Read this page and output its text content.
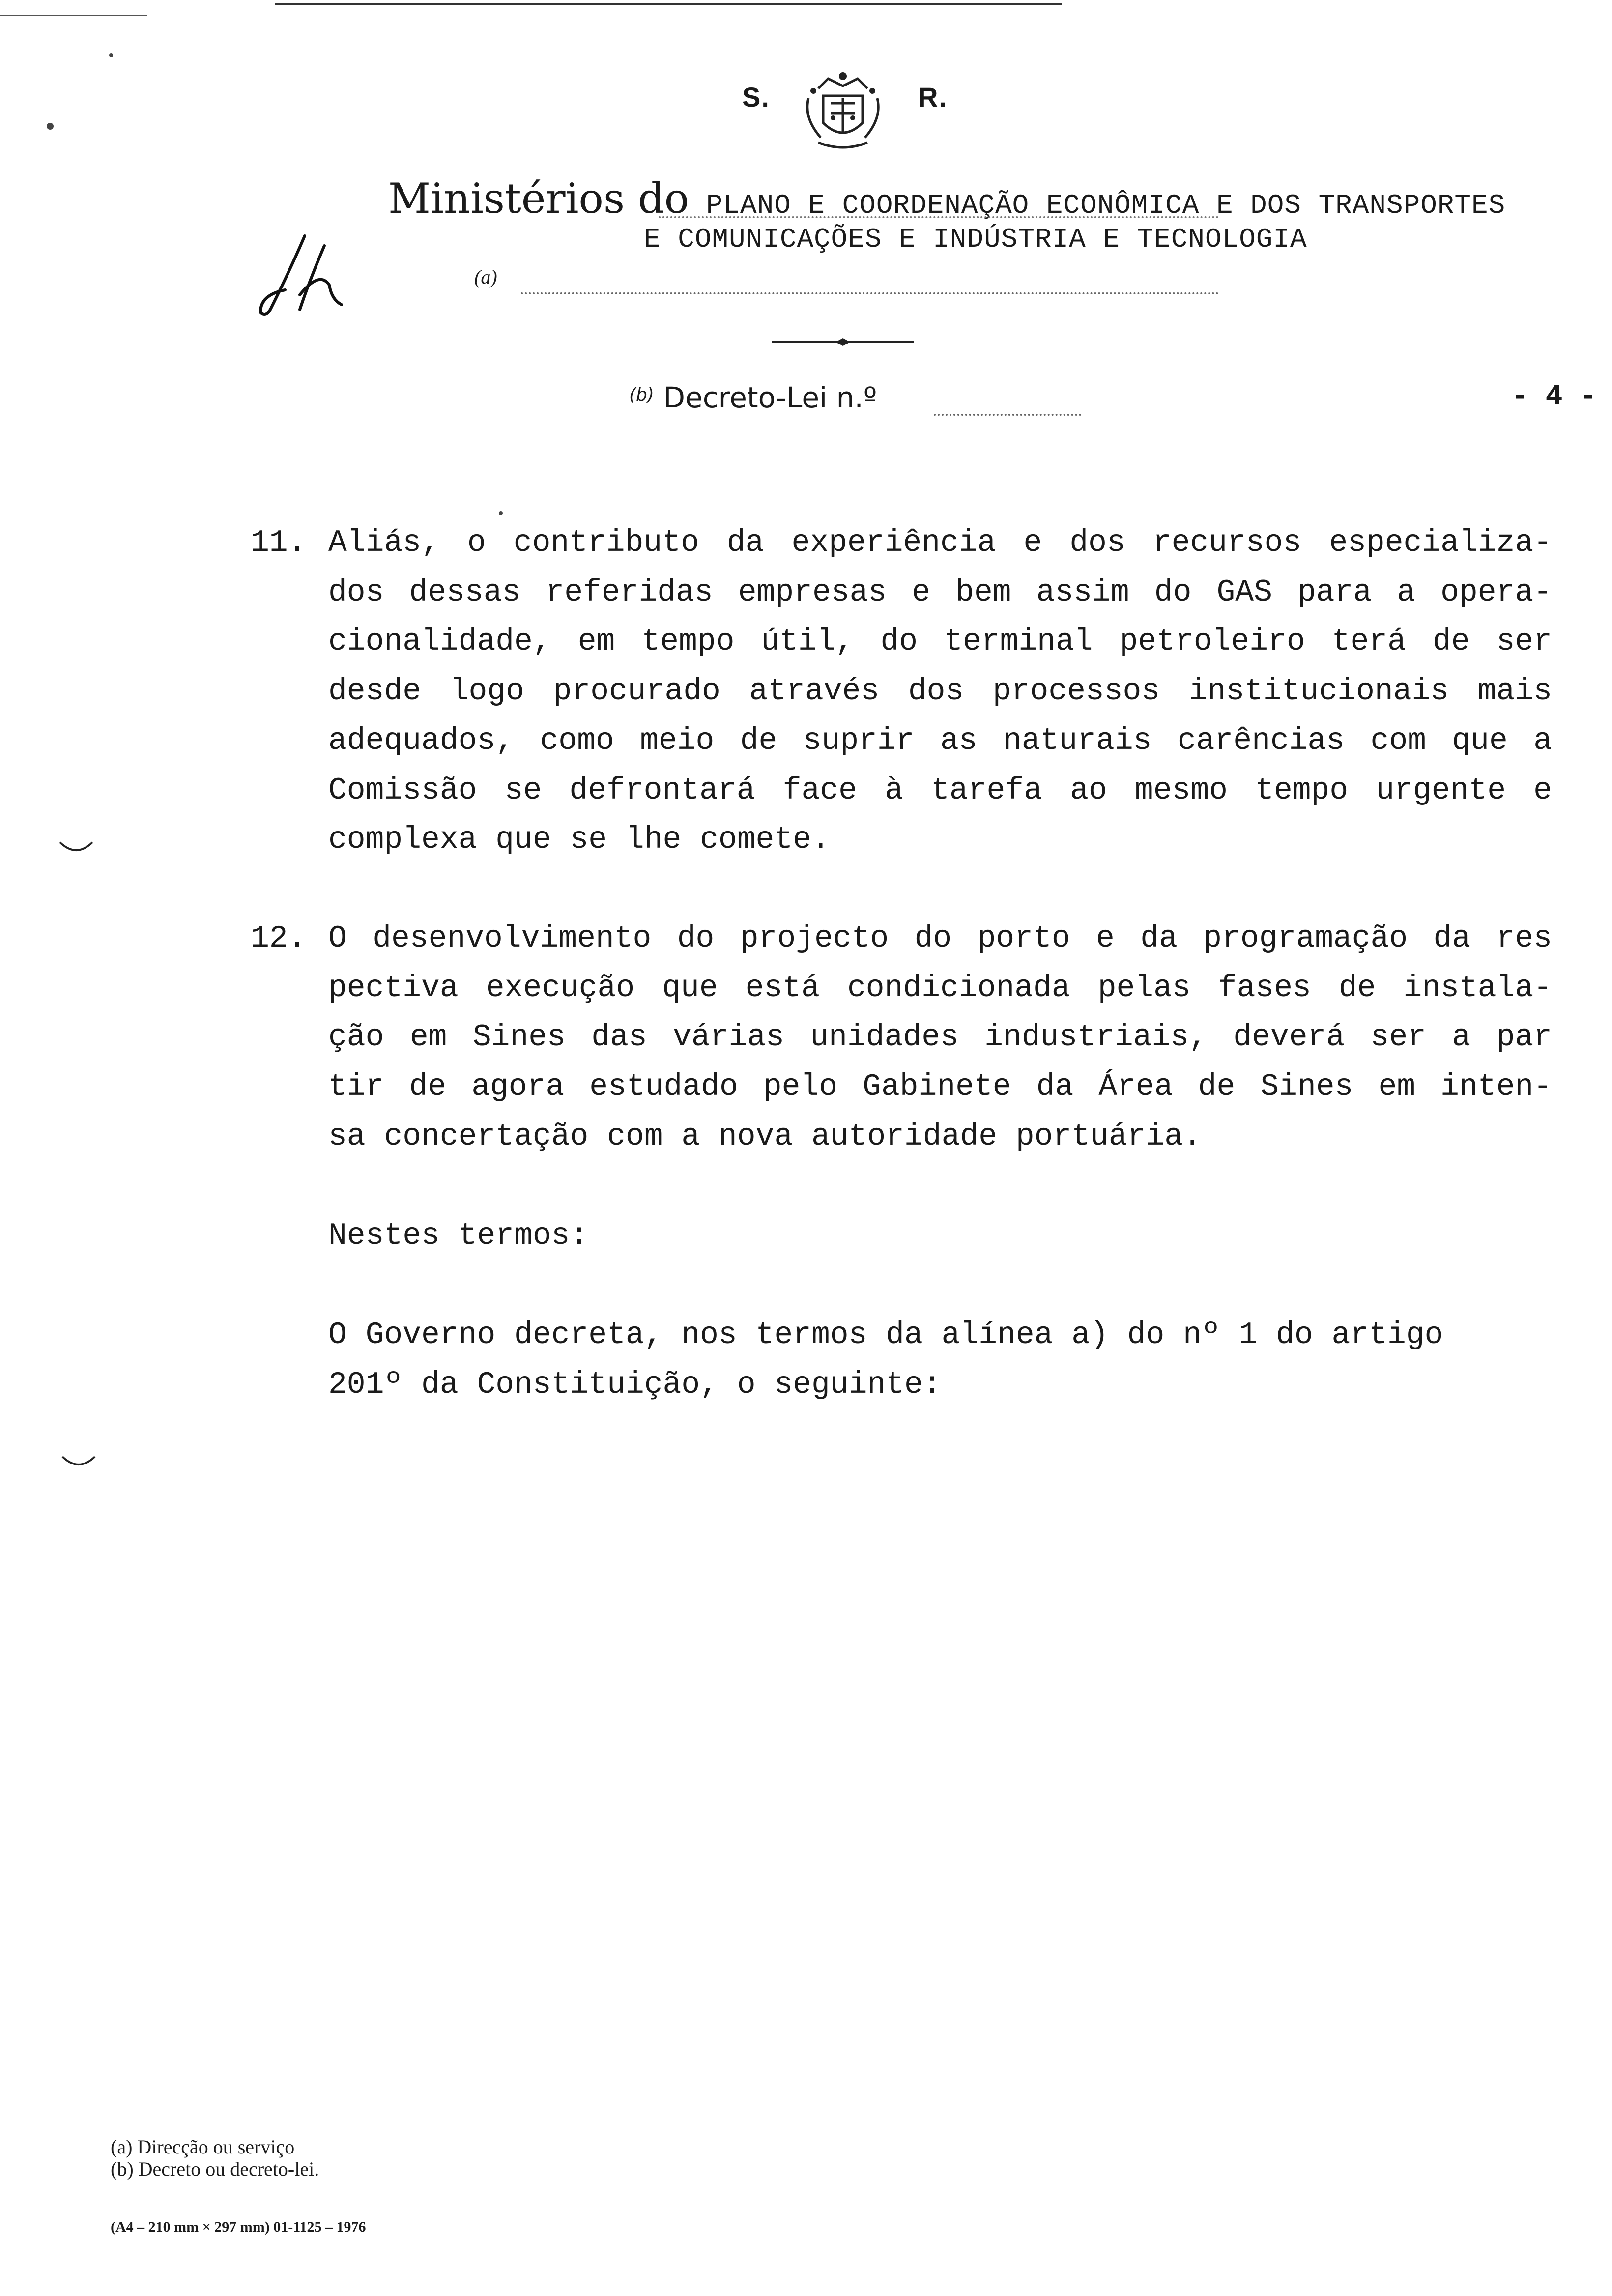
S.	R.
Ministérios do PLANO E COORDENAÇÃO ECONÔMICA E DOS TRANSPORTES
E COMUNICAÇÕES E INDÚSTRIA E TECNOLOGIA
(a)
$^{(b)}$ Decreto-Lei n.º	- 4 -
11. Aliás, o contributo da experiência e dos recursos especializa-
dos dessas referidas empresas e bem assim do GAS para a opera-
cionalidade, em tempo útil, do terminal petroleiro terá de ser
desde logo procurado através dos processos institucionais mais
adequados, como meio de suprir as naturais carências com que a
Comissão se defrontará face à tarefa ao mesmo tempo urgente e
complexa que se lhe comete.
12. O desenvolvimento do projecto do porto e da programação da res
pectiva execução que está condicionada pelas fases de instala-
ção em Sines das várias unidades industriais, deverá ser a par
tir de agora estudado pelo Gabinete da Área de Sines em inten-
sa concertação com a nova autoridade portuária.
Nestes termos:
O Governo decreta, nos termos da alínea a) do nº 1 do artigo
201º da Constituição, o seguinte:
(a) Direcção ou serviço
(b) Decreto ou decreto-lei.
(A4 – 210 mm × 297 mm) 01-1125 – 1976
